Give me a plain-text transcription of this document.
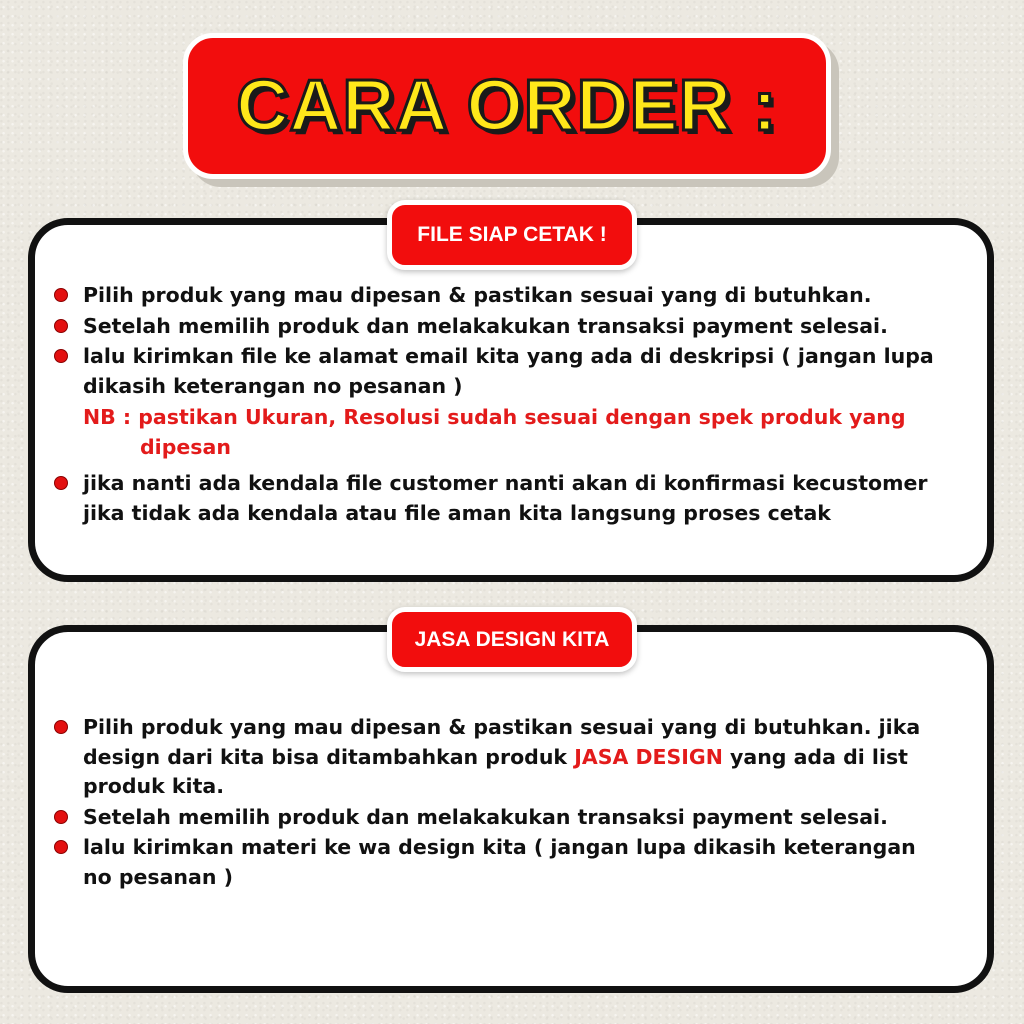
CARA ORDER :
FILE SIAP CETAK !
Pilih produk yang mau dipesan & pastikan sesuai yang di butuhkan.
Setelah memilih produk dan melakakukan transaksi payment selesai.
lalu kirimkan file ke alamat email kita yang ada di deskripsi ( jangan lupa
dikasih keterangan no pesanan )
NB : pastikan Ukuran, Resolusi sudah sesuai dengan spek produk yang
dipesan
jika nanti ada kendala file customer nanti akan di konfirmasi kecustomer
jika tidak ada kendala atau file aman kita langsung proses cetak
JASA DESIGN KITA
Pilih produk yang mau dipesan & pastikan sesuai yang di butuhkan. jika
design dari kita bisa ditambahkan produk JASA DESIGN yang ada di list
produk kita.
Setelah memilih produk dan melakakukan transaksi payment selesai.
lalu kirimkan materi ke wa design kita ( jangan lupa dikasih keterangan
no pesanan )
